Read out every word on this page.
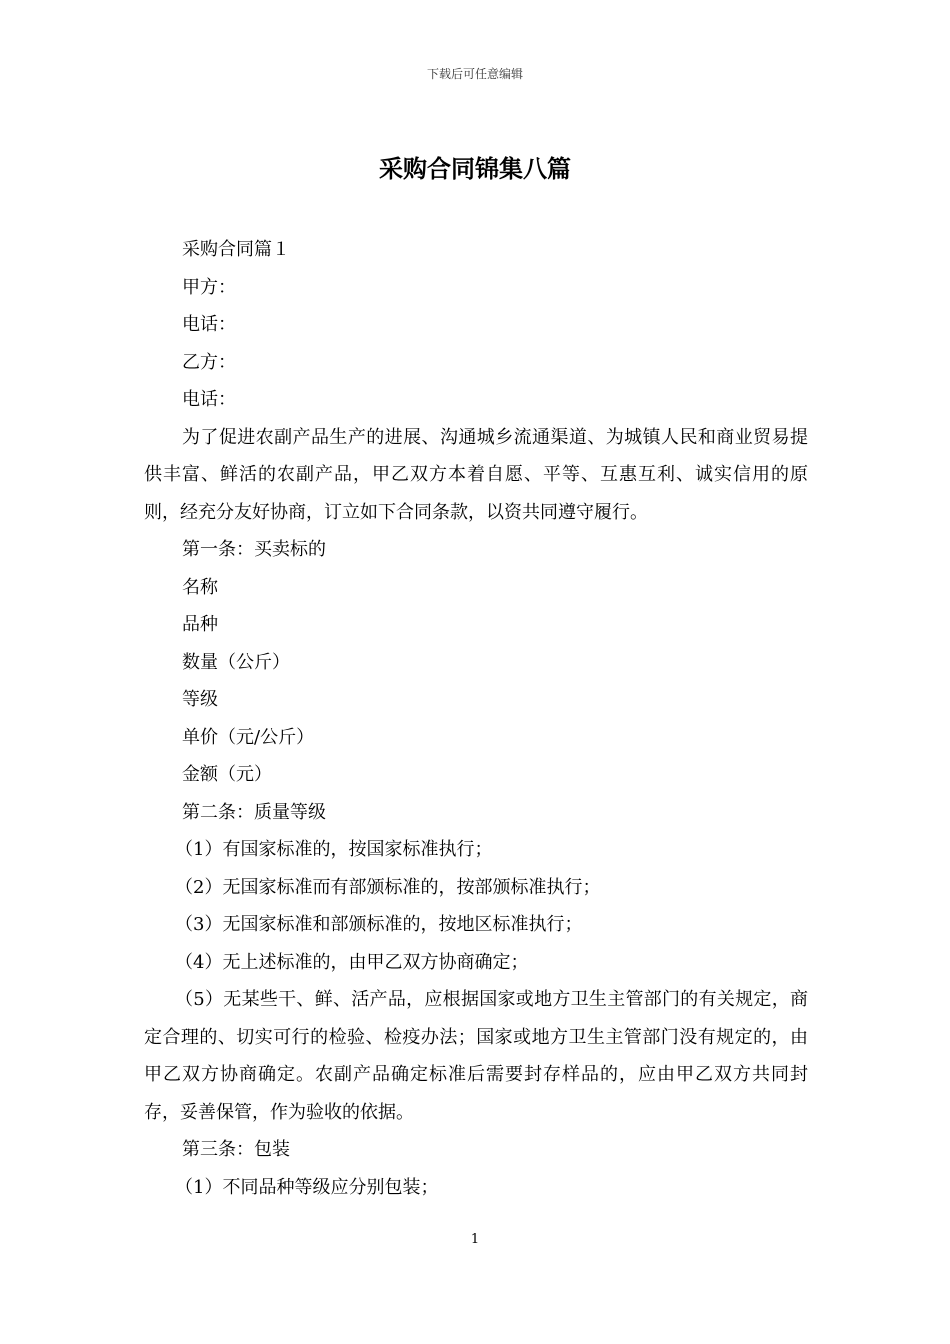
下载后可任意编辑
采购合同锦集八篇

采购合同篇１

甲方：

电话：

乙方：

电话：

为了促进农副产品生产的进展、沟通城乡流通渠道、为城镇人民和商业贸易提供丰富、鲜活的农副产品，甲乙双方本着自愿、平等、互惠互利、诚实信用的原则，经充分友好协商，订立如下合同条款，以资共同遵守履行。

第一条：买卖标的

名称

品种

数量（公斤）

等级

单价（元/公斤）

金额（元）

第二条：质量等级

（1）有国家标准的，按国家标准执行；

（2）无国家标准而有部颁标准的，按部颁标准执行；

（3）无国家标准和部颁标准的，按地区标准执行；

（4）无上述标准的，由甲乙双方协商确定；

（5）无某些干、鲜、活产品，应根据国家或地方卫生主管部门的有关规定，商定合理的、切实可行的检验、检疫办法；国家或地方卫生主管部门没有规定的，由甲乙双方协商确定。农副产品确定标准后需要封存样品的，应由甲乙双方共同封存，妥善保管，作为验收的依据。

第三条：包装

（1）不同品种等级应分别包装；

1
